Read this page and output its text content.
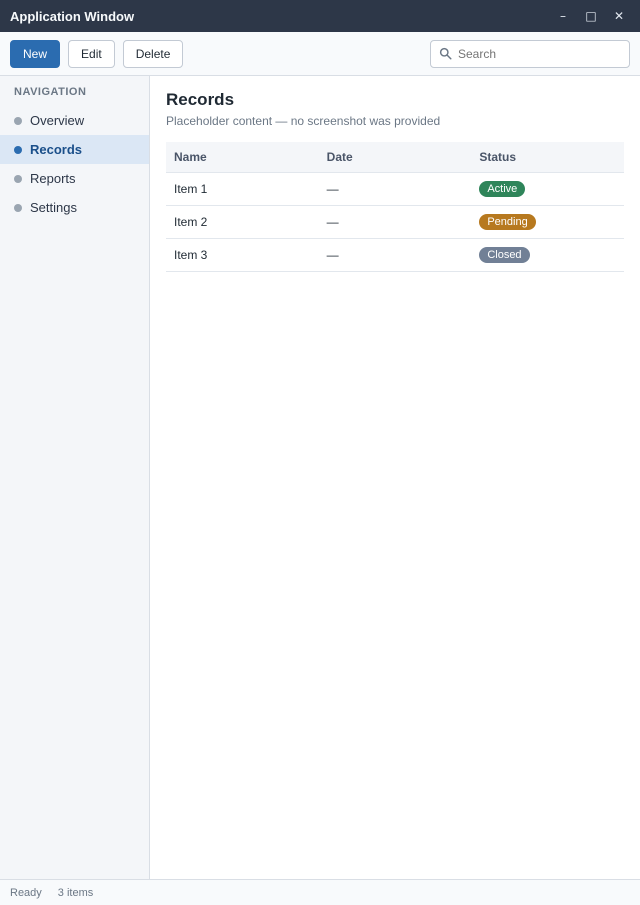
Application Window	–	□	✕
New	Edit	Delete
Search
NAVIGATION
Overview
Records
Reports
Settings
Records
Placeholder content — no screenshot was provided
Name	Date	Status
Item 1	—	Active
Item 2	—	Pending
Item 3	—	Closed
Ready 3 items
